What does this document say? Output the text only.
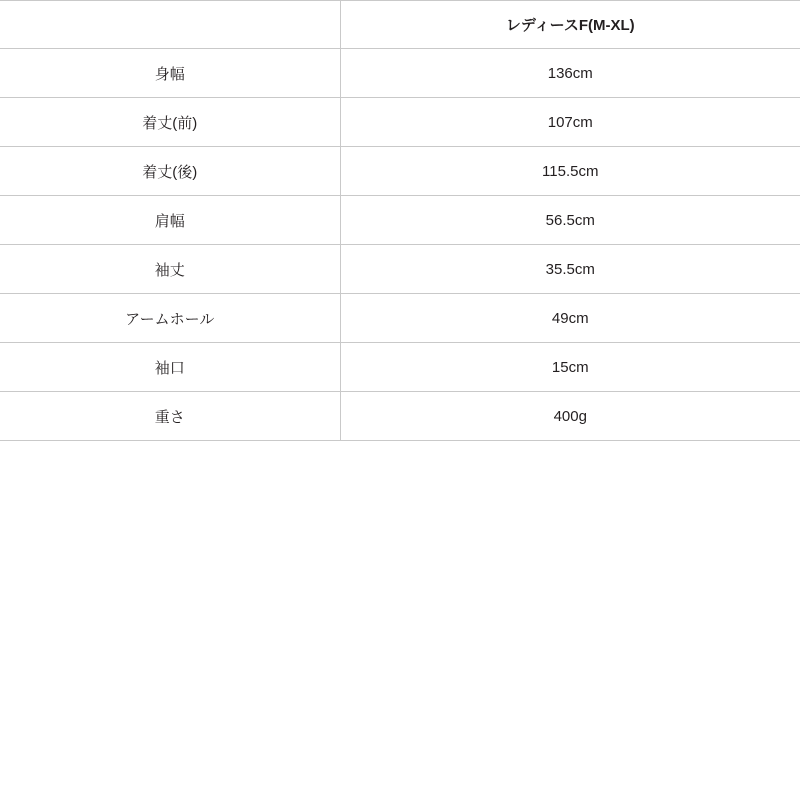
	レディースF(M-XL)
身幅	136cm
着丈(前)	107cm
着丈(後)	115.5cm
肩幅	56.5cm
袖丈	35.5cm
アームホール	49cm
袖口	15cm
重さ	400g
